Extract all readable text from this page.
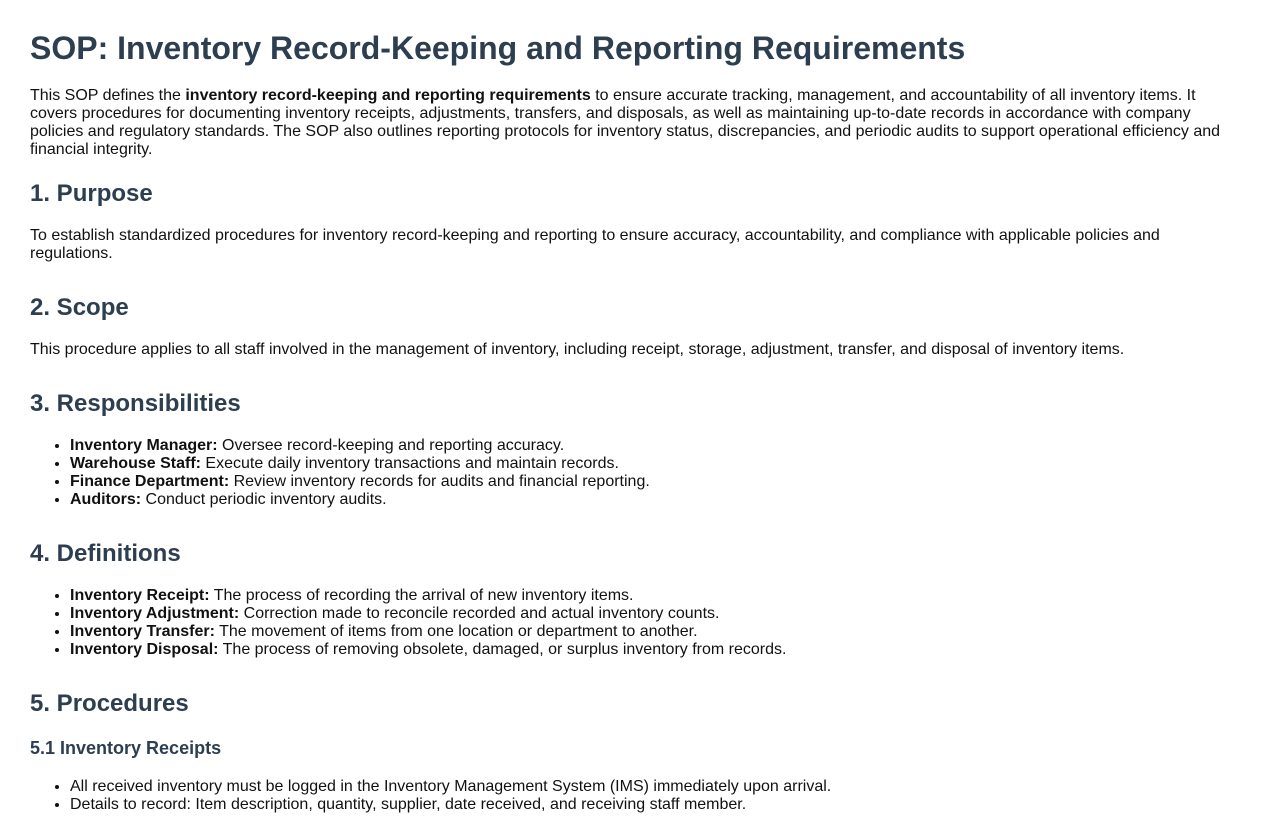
SOP: Inventory Record-Keeping and Reporting Requirements

This SOP defines the inventory record-keeping and reporting requirements to ensure accurate tracking, management, and accountability of all inventory items. It covers procedures for documenting inventory receipts, adjustments, transfers, and disposals, as well as maintaining up-to-date records in accordance with company policies and regulatory standards. The SOP also outlines reporting protocols for inventory status, discrepancies, and periodic audits to support operational efficiency and financial integrity.

1. Purpose

To establish standardized procedures for inventory record-keeping and reporting to ensure accuracy, accountability, and compliance with applicable policies and regulations.

2. Scope

This procedure applies to all staff involved in the management of inventory, including receipt, storage, adjustment, transfer, and disposal of inventory items.

3. Responsibilities
• Inventory Manager: Oversee record-keeping and reporting accuracy.
• Warehouse Staff: Execute daily inventory transactions and maintain records.
• Finance Department: Review inventory records for audits and financial reporting.
• Auditors: Conduct periodic inventory audits.
4. Definitions
• Inventory Receipt: The process of recording the arrival of new inventory items.
• Inventory Adjustment: Correction made to reconcile recorded and actual inventory counts.
• Inventory Transfer: The movement of items from one location or department to another.
• Inventory Disposal: The process of removing obsolete, damaged, or surplus inventory from records.
5. Procedures
5.1 Inventory Receipts
• All received inventory must be logged in the Inventory Management System (IMS) immediately upon arrival.
• Details to record: Item description, quantity, supplier, date received, and receiving staff member.
